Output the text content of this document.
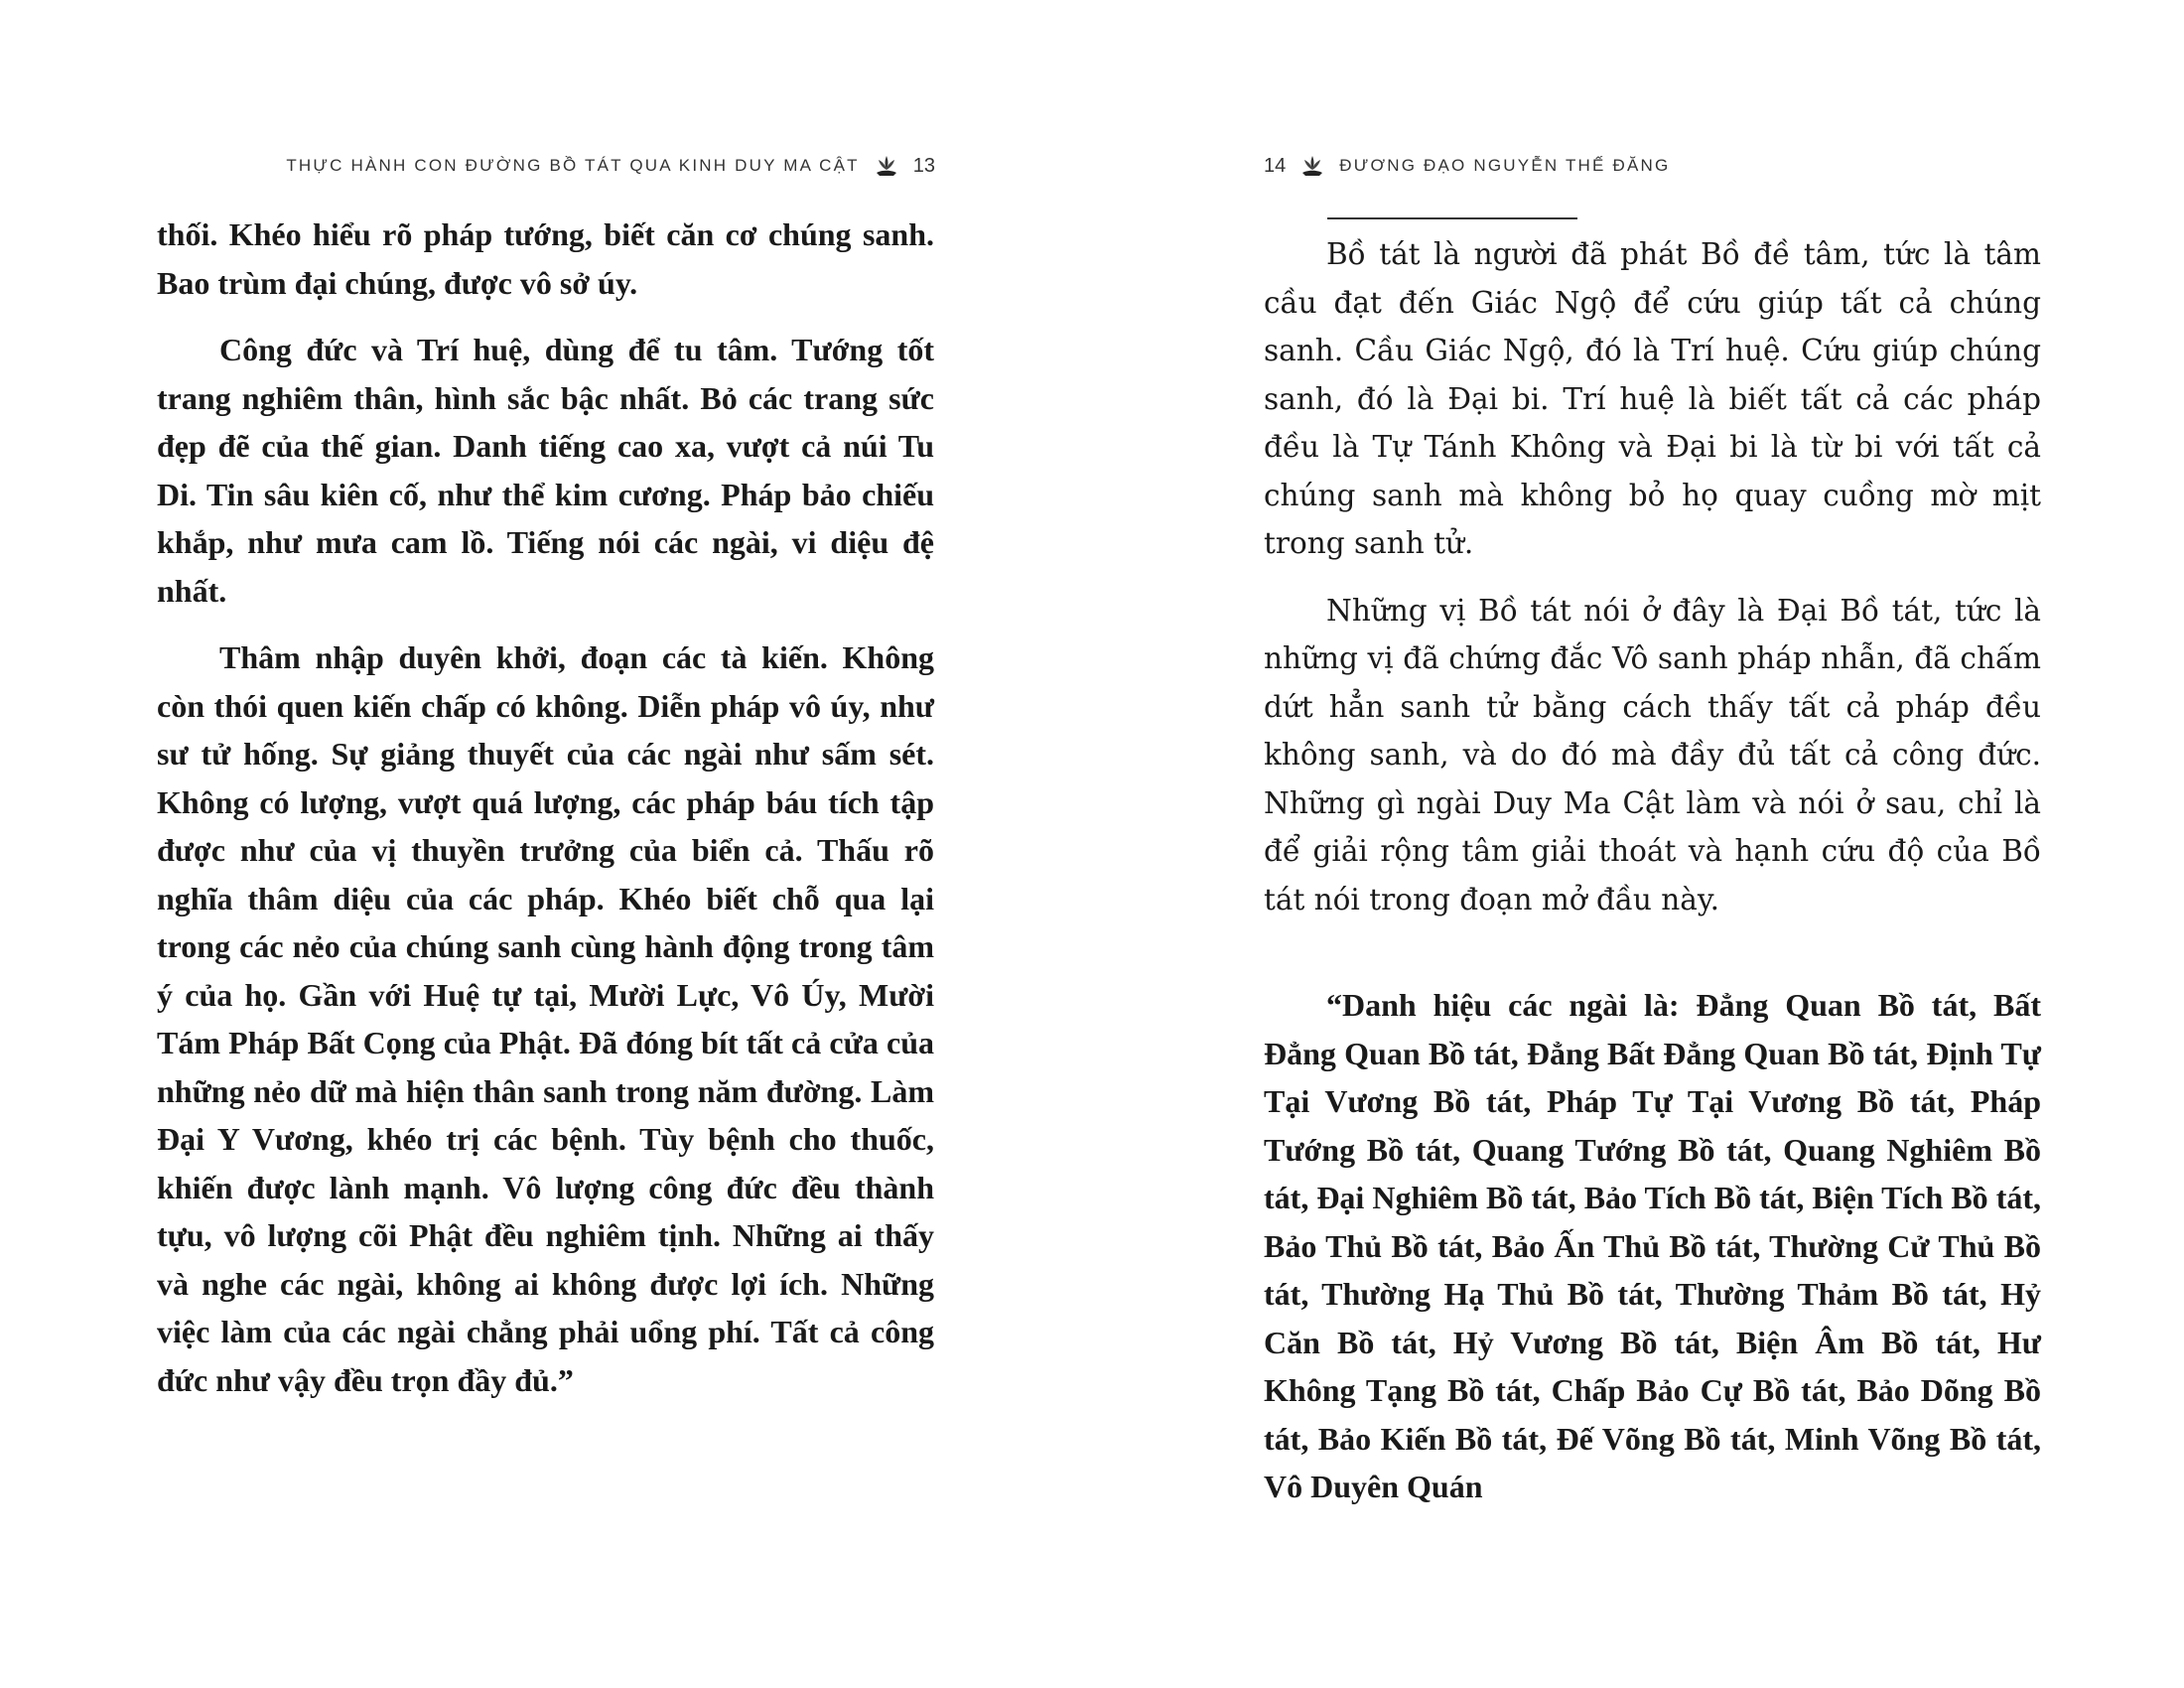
THỰC HÀNH CON ĐƯỜNG BỒ TÁT QUA KINH DUY MA CẬT	13

thối. Khéo hiểu rõ pháp tướng, biết căn cơ chúng sanh. Bao trùm đại chúng, được vô sở úy.

Công đức và Trí huệ, dùng để tu tâm. Tướng tốt trang nghiêm thân, hình sắc bậc nhất. Bỏ các trang sức đẹp đẽ của thế gian. Danh tiếng cao xa, vượt cả núi Tu Di. Tin sâu kiên cố, như thể kim cương. Pháp bảo chiếu khắp, như mưa cam lồ. Tiếng nói các ngài, vi diệu đệ nhất.

Thâm nhập duyên khởi, đoạn các tà kiến. Không còn thói quen kiến chấp có không. Diễn pháp vô úy, như sư tử hống. Sự giảng thuyết của các ngài như sấm sét. Không có lượng, vượt quá lượng, các pháp báu tích tập được như của vị thuyền trưởng của biển cả. Thấu rõ nghĩa thâm diệu của các pháp. Khéo biết chỗ qua lại trong các nẻo của chúng sanh cùng hành động trong tâm ý của họ. Gần với Huệ tự tại, Mười Lực, Vô Úy, Mười Tám Pháp Bất Cọng của Phật. Đã đóng bít tất cả cửa của những nẻo dữ mà hiện thân sanh trong năm đường. Làm Đại Y Vương, khéo trị các bệnh. Tùy bệnh cho thuốc, khiến được lành mạnh. Vô lượng công đức đều thành tựu, vô lượng cõi Phật đều nghiêm tịnh. Những ai thấy và nghe các ngài, không ai không được lợi ích. Những việc làm của các ngài chẳng phải uổng phí. Tất cả công đức như vậy đều trọn đầy đủ.”

14	ĐƯƠNG ĐẠO NGUYỄN THẾ ĐĂNG

Bồ tát là người đã phát Bồ đề tâm, tức là tâm cầu đạt đến Giác Ngộ để cứu giúp tất cả chúng sanh. Cầu Giác Ngộ, đó là Trí huệ. Cứu giúp chúng sanh, đó là Đại bi. Trí huệ là biết tất cả các pháp đều là Tự Tánh Không và Đại bi là từ bi với tất cả chúng sanh mà không bỏ họ quay cuồng mờ mịt trong sanh tử.

Những vị Bồ tát nói ở đây là Đại Bồ tát, tức là những vị đã chứng đắc Vô sanh pháp nhẫn, đã chấm dứt hẳn sanh tử bằng cách thấy tất cả pháp đều không sanh, và do đó mà đầy đủ tất cả công đức. Những gì ngài Duy Ma Cật làm và nói ở sau, chỉ là để giải rộng tâm giải thoát và hạnh cứu độ của Bồ tát nói trong đoạn mở đầu này.

“Danh hiệu các ngài là: Đẳng Quan Bồ tát, Bất Đẳng Quan Bồ tát, Đẳng Bất Đẳng Quan Bồ tát, Định Tự Tại Vương Bồ tát, Pháp Tự Tại Vương Bồ tát, Pháp Tướng Bồ tát, Quang Tướng Bồ tát, Quang Nghiêm Bồ tát, Đại Nghiêm Bồ tát, Bảo Tích Bồ tát, Biện Tích Bồ tát, Bảo Thủ Bồ tát, Bảo Ấn Thủ Bồ tát, Thường Cử Thủ Bồ tát, Thường Hạ Thủ Bồ tát, Thường Thảm Bồ tát, Hỷ Căn Bồ tát, Hỷ Vương Bồ tát, Biện Âm Bồ tát, Hư Không Tạng Bồ tát, Chấp Bảo Cự Bồ tát, Bảo Dõng Bồ tát, Bảo Kiến Bồ tát, Đế Võng Bồ tát, Minh Võng Bồ tát, Vô Duyên Quán
